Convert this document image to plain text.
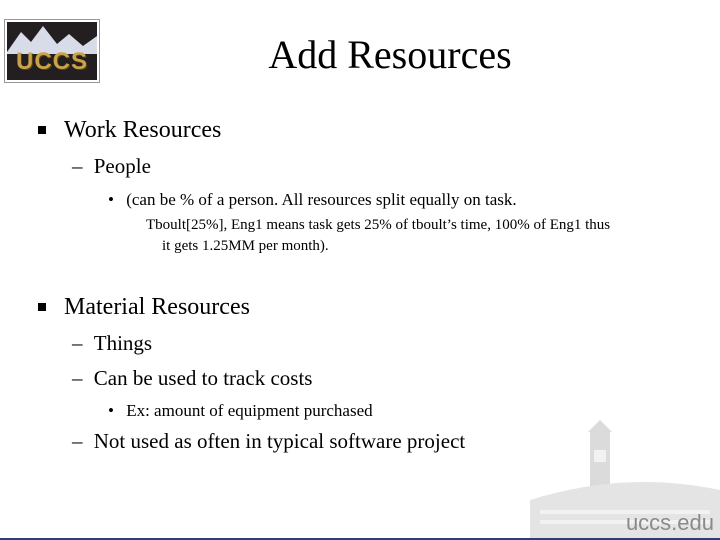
UCCS	Add Resources
Work Resources
– People
• (can be % of a person. All resources split equally on task.
Tboult[25%], Eng1 means task gets 25% of tboult’s time, 100% of Eng1 thus
it gets 1.25MM per month).
Material Resources
– Things
– Can be used to track costs
• Ex: amount of equipment purchased
– Not used as often in typical software project
uccs.edu
